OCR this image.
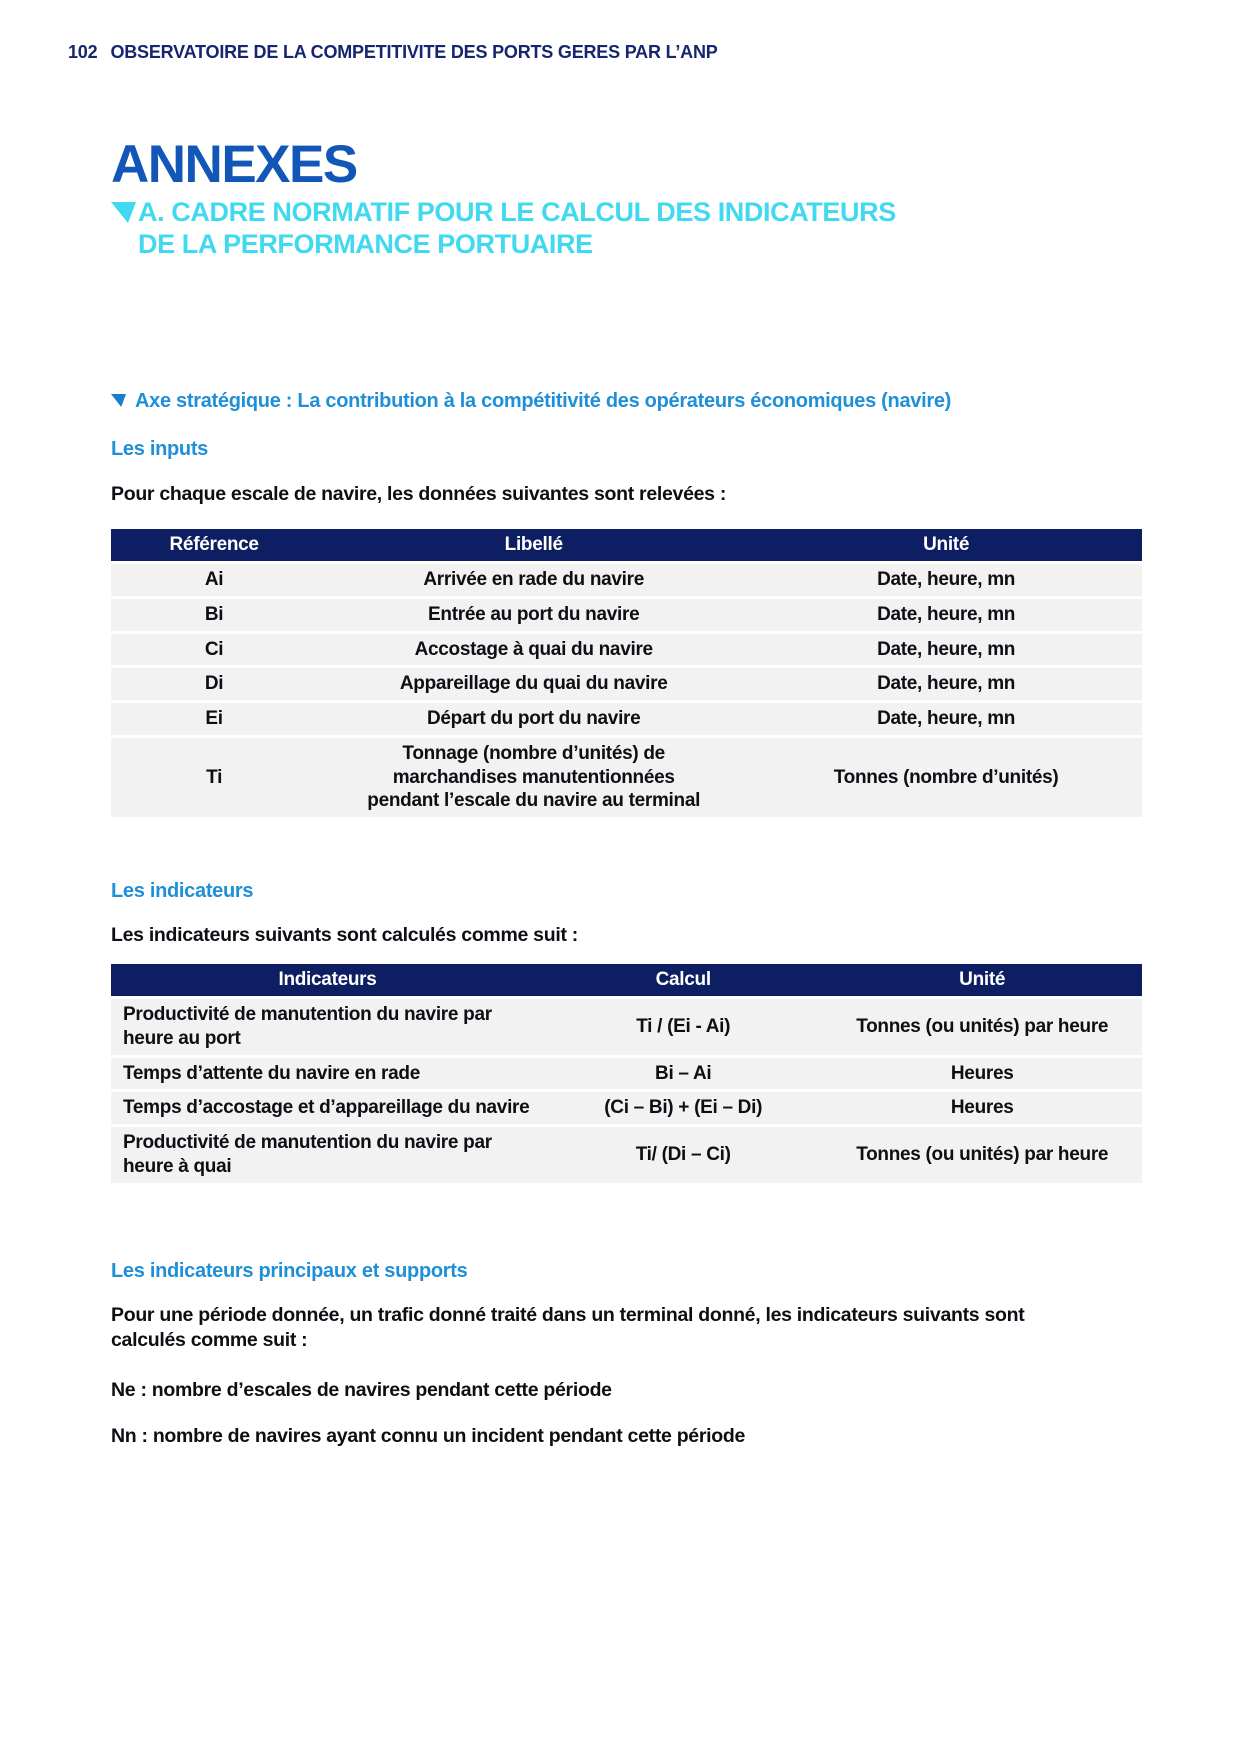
102 OBSERVATOIRE DE LA COMPETITIVITE DES PORTS GERES PAR L’ANP
ANNEXES
A. CADRE NORMATIF POUR LE CALCUL DES INDICATEURS
DE LA PERFORMANCE PORTUAIRE
Axe stratégique : La contribution à la compétitivité des opérateurs économiques (navire)
Les inputs

Pour chaque escale de navire, les données suivantes sont relevées :

Référence	Libellé	Unité
Ai	Arrivée en rade du navire	Date, heure, mn
Bi	Entrée au port du navire	Date, heure, mn
Ci	Accostage à quai du navire	Date, heure, mn
Di	Appareillage du quai du navire	Date, heure, mn
Ei	Départ du port du navire	Date, heure, mn
Ti	Tonnage (nombre d’unités) de marchandises manutentionnées pendant l’escale du navire au terminal	Tonnes (nombre d’unités)
Les indicateurs

Les indicateurs suivants sont calculés comme suit :

Indicateurs	Calcul	Unité
Productivité de manutention du navire par heure au port	Ti / (Ei - Ai)	Tonnes (ou unités) par heure
Temps d’attente du navire en rade	Bi – Ai	Heures
Temps d’accostage et d’appareillage du navire	(Ci – Bi) + (Ei – Di)	Heures
Productivité de manutention du navire par heure à quai	Ti/ (Di – Ci)	Tonnes (ou unités) par heure
Les indicateurs principaux et supports

Pour une période donnée, un trafic donné traité dans un terminal donné, les indicateurs suivants sont calculés comme suit :

Ne : nombre d’escales de navires pendant cette période

Nn : nombre de navires ayant connu un incident pendant cette période
